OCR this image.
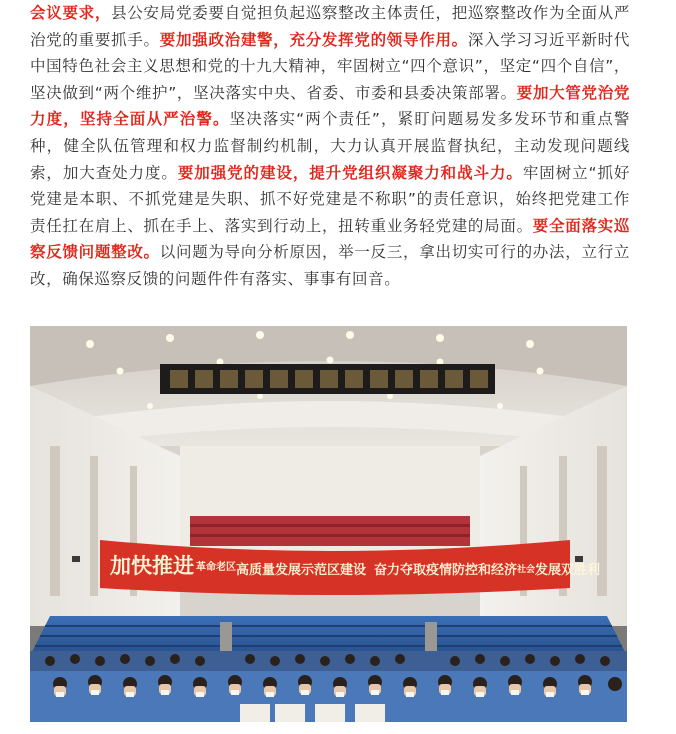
会议要求，县公安局党委要自觉担负起巡察整改主体责任，把巡察整改作为全面从严治党的重要抓手。要加强政治建警，充分发挥党的领导作用。深入学习习近平新时代中国特色社会主义思想和党的十九大精神，牢固树立“四个意识”，坚定“四个自信”，坚决做到“两个维护”，坚决落实中央、省委、市委和县委决策部署。要加大管党治党力度，坚持全面从严治警。坚决落实“两个责任”，紧盯问题易发多发环节和重点警种，健全队伍管理和权力监督制约机制，大力认真开展监督执纪，主动发现问题线索，加大查处力度。要加强党的建设，提升党组织凝聚力和战斗力。牢固树立“抓好党建是本职、不抓党建是失职、抓不好党建是不称职”的责任意识，始终把党建工作责任扛在肩上、抓在手上、落实到行动上，扭转重业务轻党建的局面。要全面落实巡察反馈问题整改。以问题为导向分析原因，举一反三，拿出切实可行的办法，立行立改，确保巡察反馈的问题件件有落实、事事有回音。

加快推进 革命老区 高质量发展示范区建设 奋力夺取疫情防控和经济 社会 发展双胜利
